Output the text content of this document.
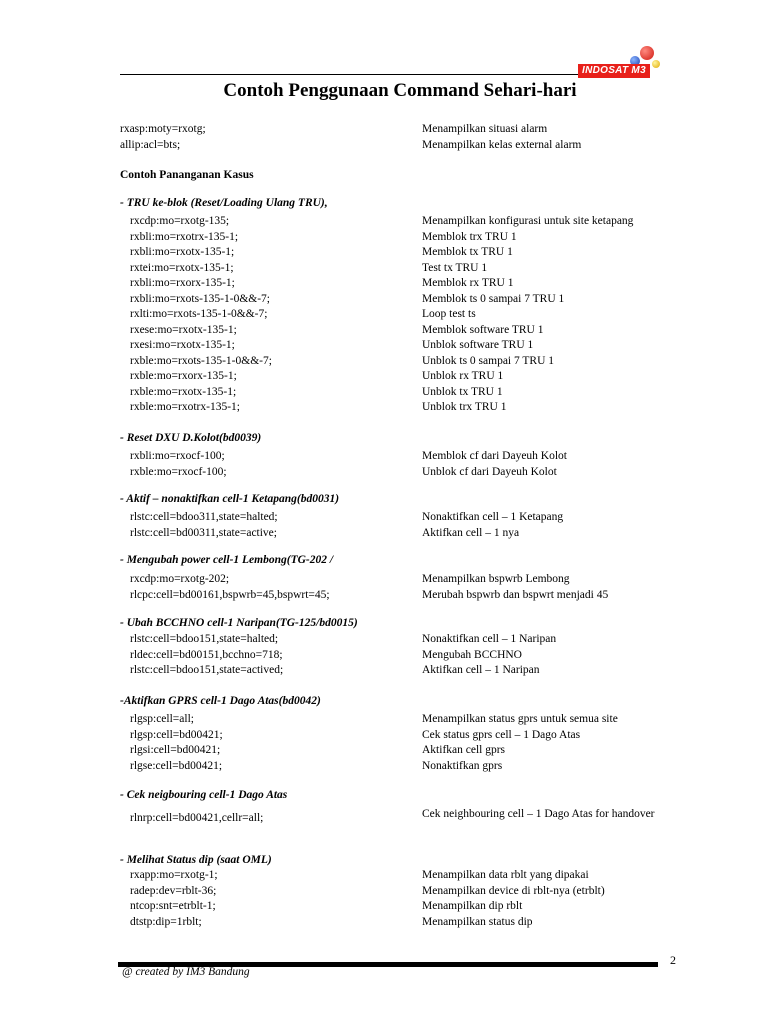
INDOSAT M3
Contoh Penggunaan Command Sehari-hari
rxasp:moty=rxotg;	Menampilkan situasi alarm
allip:acl=bts;	Menampilkan kelas external alarm
Contoh Pananganan Kasus
- TRU ke-blok (Reset/Loading Ulang TRU),
rxcdp:mo=rxotg-135;	Menampilkan konfigurasi untuk site ketapang
rxbli:mo=rxotrx-135-1;	Memblok trx TRU 1
rxbli:mo=rxotx-135-1;	Memblok tx TRU 1
rxtei:mo=rxotx-135-1;	Test tx TRU 1
rxbli:mo=rxorx-135-1;	Memblok rx TRU 1
rxbli:mo=rxots-135-1-0&&-7;	Memblok ts 0 sampai 7 TRU 1
rxlti:mo=rxots-135-1-0&&-7;	Loop test ts
rxese:mo=rxotx-135-1;	Memblok software TRU 1
rxesi:mo=rxotx-135-1;	Unblok software TRU 1
rxble:mo=rxots-135-1-0&&-7;	Unblok ts 0 sampai 7 TRU 1
rxble:mo=rxorx-135-1;	Unblok rx TRU 1
rxble:mo=rxotx-135-1;	Unblok tx TRU 1
rxble:mo=rxotrx-135-1;	Unblok trx TRU 1
- Reset DXU D.Kolot(bd0039)
rxbli:mo=rxocf-100;	Memblok cf dari Dayeuh Kolot
rxble:mo=rxocf-100;	Unblok cf dari Dayeuh Kolot
- Aktif – nonaktifkan cell-1 Ketapang(bd0031)
rlstc:cell=bdoo311,state=halted;	Nonaktifkan cell – 1 Ketapang
rlstc:cell=bd00311,state=active;	Aktifkan cell – 1 nya
- Mengubah power cell-1 Lembong(TG-202 /
rxcdp:mo=rxotg-202;	Menampilkan bspwrb Lembong
rlcpc:cell=bd00161,bspwrb=45,bspwrt=45;	Merubah bspwrb dan bspwrt menjadi 45
- Ubah BCCHNO cell-1 Naripan(TG-125/bd0015)
rlstc:cell=bdoo151,state=halted;	Nonaktifkan cell – 1 Naripan
rldec:cell=bd00151,bcchno=718;	Mengubah BCCHNO
rlstc:cell=bdoo151,state=actived;	Aktifkan cell – 1 Naripan
-Aktifkan GPRS cell-1 Dago Atas(bd0042)
rlgsp:cell=all;	Menampilkan status gprs untuk semua site
rlgsp:cell=bd00421;	Cek status gprs cell – 1 Dago Atas
rlgsi:cell=bd00421;	Aktifkan cell gprs
rlgse:cell=bd00421;	Nonaktifkan gprs
- Cek neigbouring cell-1 Dago Atas
rlnrp:cell=bd00421,cellr=all;	Cek neighbouring cell – 1 Dago Atas for handover
- Melihat Status dip (saat OML)
rxapp:mo=rxotg-1;	Menampilkan data rblt yang dipakai
radep:dev=rblt-36;	Menampilkan device di rblt-nya (etrblt)
ntcop:snt=etrblt-1;	Menampilkan dip rblt
dtstp:dip=1rblt;	Menampilkan status dip
2
@ created by IM3 Bandung
